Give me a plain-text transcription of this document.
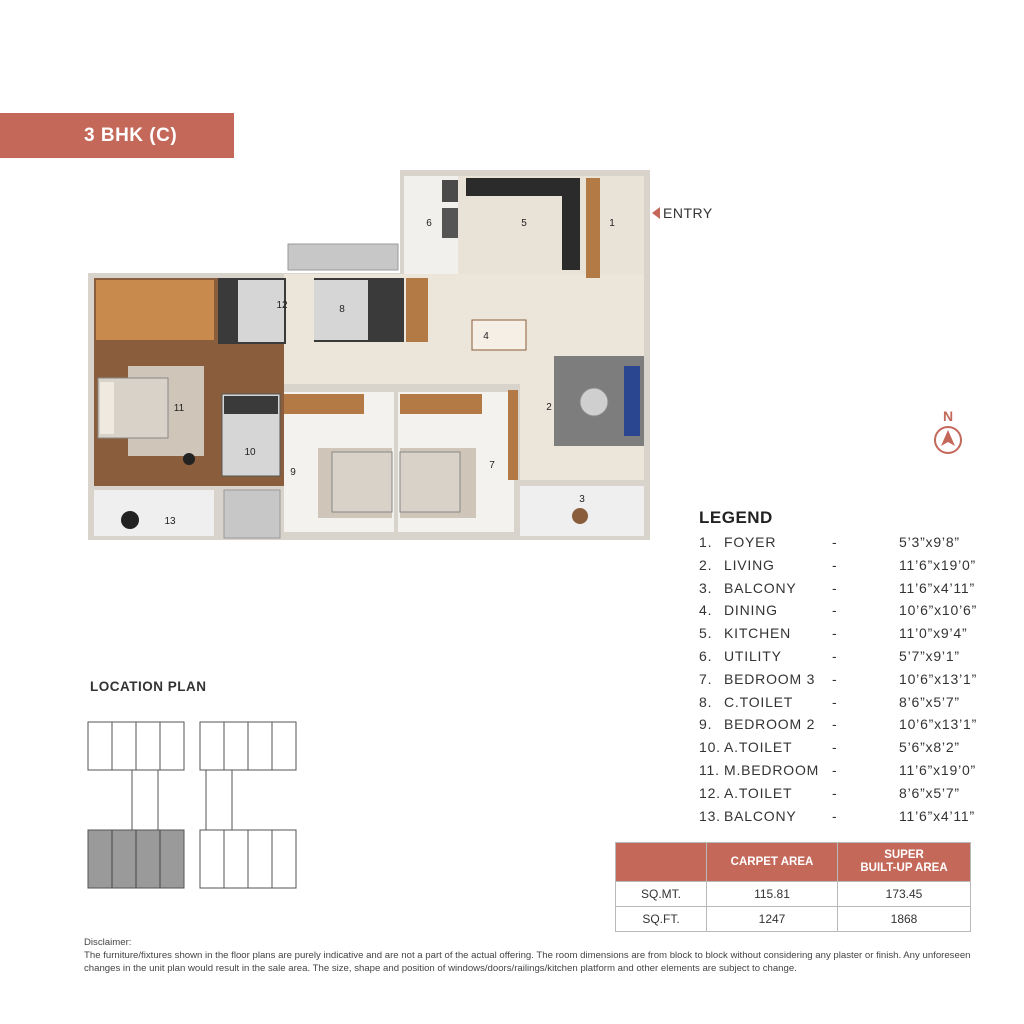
3 BHK (C)
1
2
3
4
5
6
7
8
9
10
11
12
13
ENTRY
N
LEGEND
1. FOYER	-	5’3”x9’8”
2. LIVING	-	11’6”x19’0”
3. BALCONY	-	11’6”x4’11”
4. DINING	-	10’6”x10’6”
5. KITCHEN	-	11’0”x9’4”
6. UTILITY	-	5’7”x9’1”
7. BEDROOM 3 -	10’6”x13’1”
8. C.TOILET	-	8’6”x5’7”
9. BEDROOM 2 -	10’6”x13’1”
10. A.TOILET	-	5’6”x8’2”
11. M.BEDROOM -	11’6”x19’0”
12. A.TOILET	-	8’6”x5’7”
13. BALCONY	-	11’6”x4’11”
	CARPET AREA	SUPER
BUILT-UP AREA
SQ.MT.	115.81	173.45
SQ.FT.	1247	1868
LOCATION PLAN
Disclaimer:
The furniture/fixtures shown in the floor plans are purely indicative and are not a part of the actual offering. The room dimensions are from block to block without considering any plaster or finish. Any unforeseen changes in the unit plan would result in the sale area. The size, shape and position of windows/doors/railings/kitchen platform and other elements are subject to change.
